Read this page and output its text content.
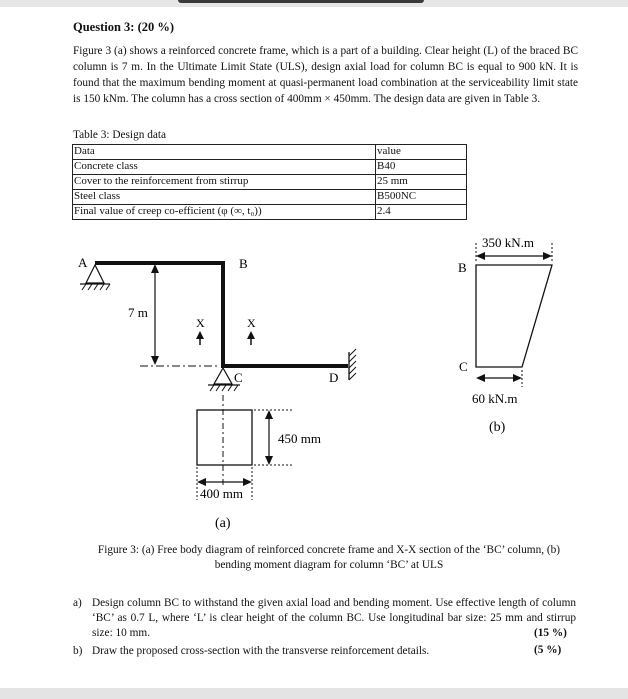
Question 3: (20 %)
Figure 3 (a) shows a reinforced concrete frame, which is a part of a building. Clear height (L) of the braced BC column is 7 m. In the Ultimate Limit State (ULS), design axial load for column BC is equal to 900 kN. It is found that the maximum bending moment at quasi-permanent load combination at the serviceability limit state is 150 kNm. The column has a cross section of 400mm × 450mm. The design data are given in Table 3.
Table 3: Design data
Data	value
Concrete class	B40
Cover to the reinforcement from stirrup	25 mm
Steel class	B500NC
Final value of creep co-efficient (φ (∞, t₀))	2.4
A	B
C	D
7 m
X	X
450 mm
400 mm
(a)
350 kN.m
B
C
60 kN.m
(b)
Figure 3: (a) Free body diagram of reinforced concrete frame and X-X section of the ‘BC’ column, (b) bending moment diagram for column ‘BC’ at ULS
a) Design column BC to withstand the given axial load and bending moment. Use effective length of column ‘BC’ as 0.7 L, where ‘L’ is clear height of the column BC. Use longitudinal bar size: 25 mm and stirrup size: 10 mm.	(15 %)
b) Draw the proposed cross-section with the transverse reinforcement details.	(5 %)
